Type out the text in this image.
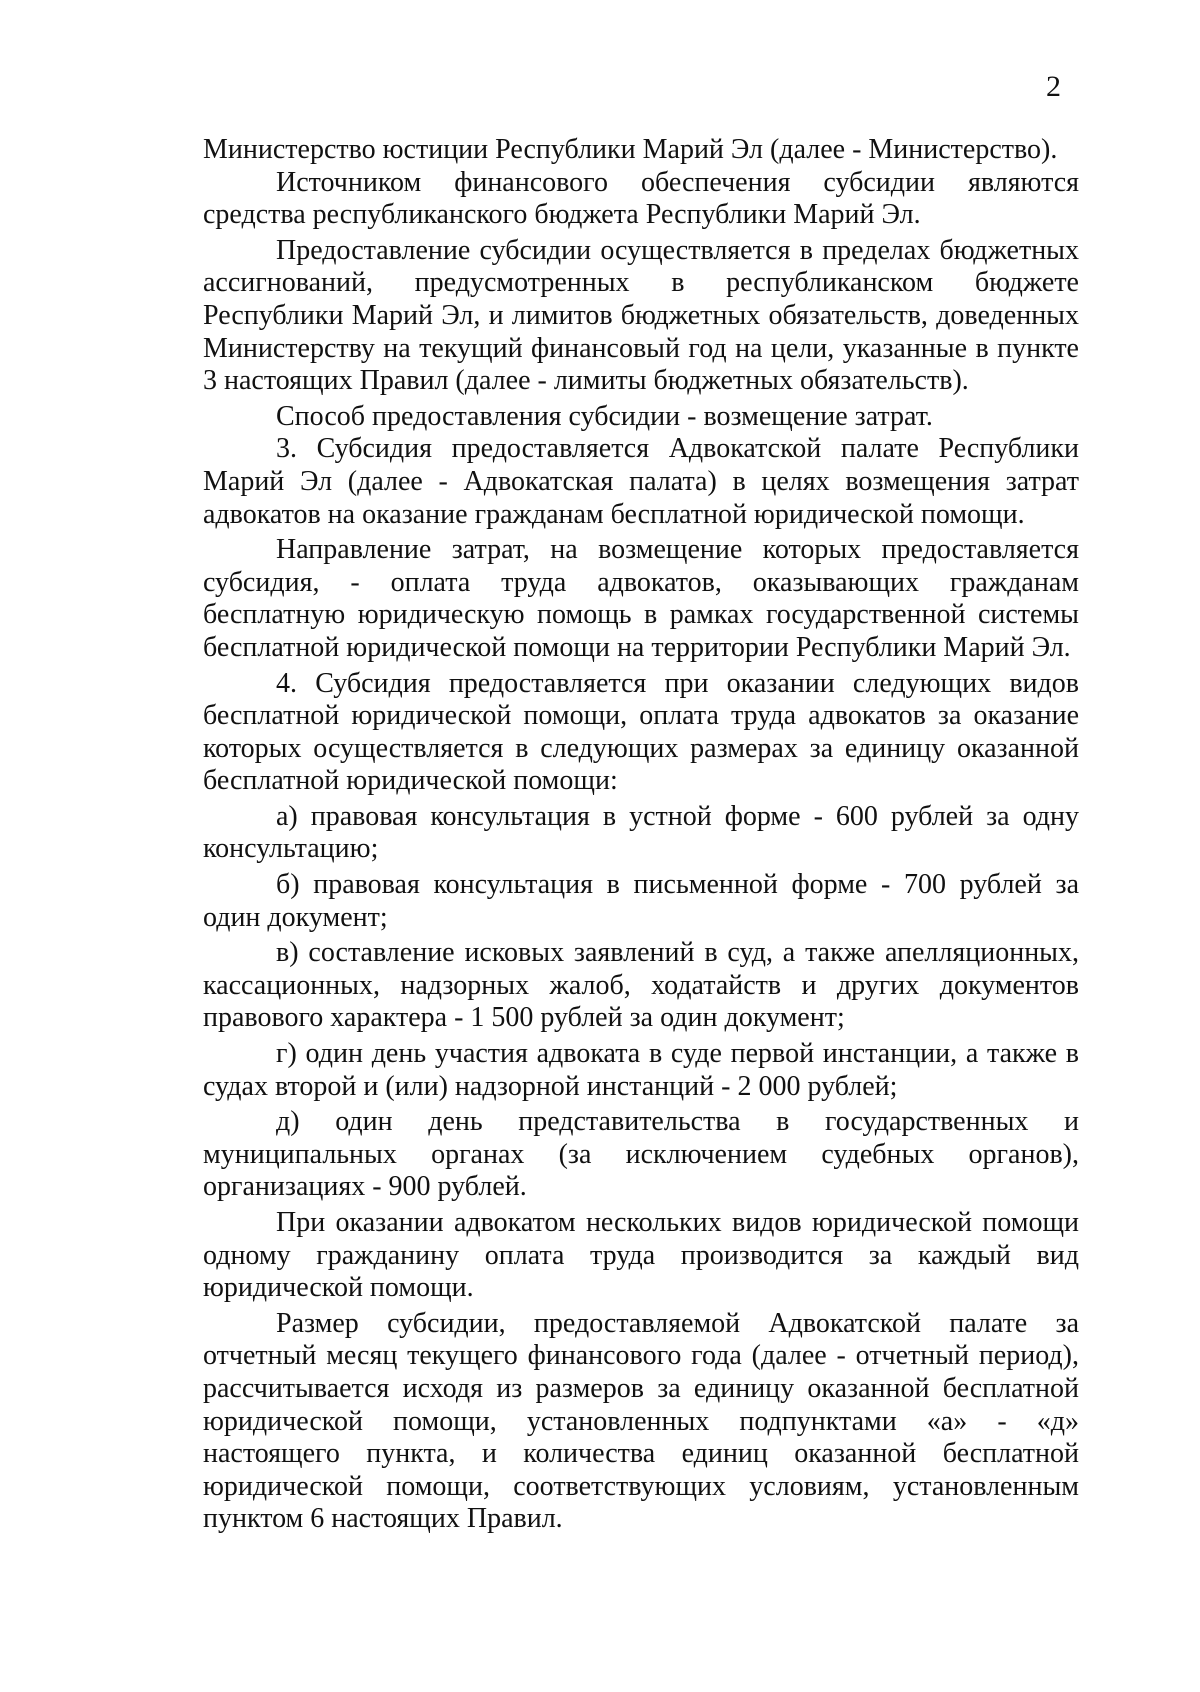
2

Министерство юстиции Республики Марий Эл (далее - Министерство).

Источником финансового обеспечения субсидии являются средства республиканского бюджета Республики Марий Эл.

Предоставление субсидии осуществляется в пределах бюджетных ассигнований, предусмотренных в республиканском бюджете Республики Марий Эл, и лимитов бюджетных обязательств, доведенных Министерству на текущий финансовый год на цели, указанные в пункте 3 настоящих Правил (далее - лимиты бюджетных обязательств).

Способ предоставления субсидии - возмещение затрат.

3. Субсидия предоставляется Адвокатской палате Республики Марий Эл (далее - Адвокатская палата) в целях возмещения затрат адвокатов на оказание гражданам бесплатной юридической помощи.

Направление затрат, на возмещение которых предоставляется субсидия, - оплата труда адвокатов, оказывающих гражданам бесплатную юридическую помощь в рамках государственной системы бесплатной юридической помощи на территории Республики Марий Эл.

4. Субсидия предоставляется при оказании следующих видов бесплатной юридической помощи, оплата труда адвокатов за оказание которых осуществляется в следующих размерах за единицу оказанной бесплатной юридической помощи:

а) правовая консультация в устной форме - 600 рублей за одну консультацию;

б) правовая консультация в письменной форме - 700 рублей за один документ;

в) составление исковых заявлений в суд, а также апелляционных, кассационных, надзорных жалоб, ходатайств и других документов правового характера - 1 500 рублей за один документ;

г) один день участия адвоката в суде первой инстанции, а также в судах второй и (или) надзорной инстанций - 2 000 рублей;

д) один день представительства в государственных и муниципальных органах (за исключением судебных органов), организациях - 900 рублей.

При оказании адвокатом нескольких видов юридической помощи одному гражданину оплата труда производится за каждый вид юридической помощи.

Размер субсидии, предоставляемой Адвокатской палате за отчетный месяц текущего финансового года (далее - отчетный период), рассчитывается исходя из размеров за единицу оказанной бесплатной юридической помощи, установленных подпунктами «а» - «д» настоящего пункта, и количества единиц оказанной бесплатной юридической помощи, соответствующих условиям, установленным пунктом 6 настоящих Правил.
